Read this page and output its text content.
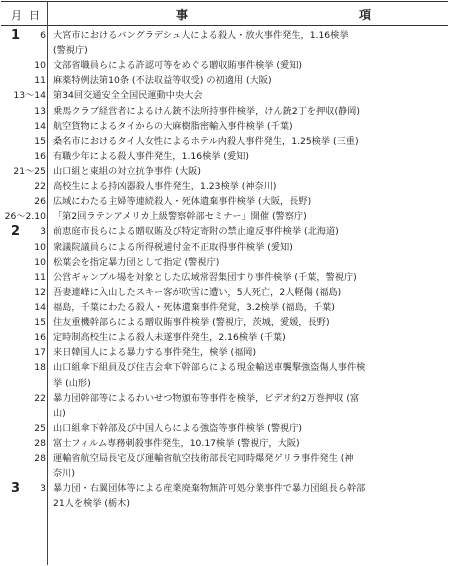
月 日	事	項
1 6 大宮市におけるバングラデシュ人による殺人・放火事件発生，1.16検挙
(警視庁)
10 文部省職員らによる許認可等をめぐる贈収賄事件検挙 (愛知)
11 麻薬特例法第10条 (不法収益等収受) の初適用 (大阪)
13～14 第34回交通安全全国民運動中央大会
13 乗馬クラブ経営者によるけん銃不法所持事件検挙，けん銃2丁を押収(静岡)
14 航空貨物によるタイからの大麻樹脂密輸入事件検挙 (千葉)
15 桑名市におけるタイ人女性によるホテル内殺人事件発生，1.25検挙 (三重)
16 有職少年による殺人事件発生，1.16検挙 (愛知)
21～25 山口組と東組の対立抗争事件 (大阪)
22 高校生による持凶器殺人事件発生，1.23検挙 (神奈川)
26 広域にわたる主婦等連続殺人・死体遺棄事件検挙 (大阪，長野)
26～2.10 「第2回ラテンアメリカ上級警察幹部セミナー」開催 (警察庁)
2 3 前恵庭市長らによる贈収賄及び特定寄附の禁止違反事件検挙 (北海道)
10 衆議院議員らによる所得税逋付金不正取得事件検挙 (愛知)
10 松葉会を指定暴力団として指定 (警視庁)
11 公営ギャンブル場を対象とした広域常習集団すり事件検挙 (千葉，警視庁)
12 吾妻連峰に入山したスキー客が吹雪に遭い，5人死亡，2人軽傷 (福島)
14 福島，千葉にわたる殺人・死体遺棄事件発覚，3.2検挙 (福島，千葉)
15 住友重機幹部らによる贈収賄事件検挙 (警視庁，茨城，愛媛，長野)
16 定時制高校生による殺人未遂事件発生，2.16検挙 (千葉)
17 来日韓国人による暴力する事件発生，検挙 (福岡)
18 山口組傘下組員及び住吉会傘下幹部らによる現金輸送車襲撃強盗傷人事件検
挙 (山形)
22 暴力団幹部等によるわいせつ物頒布等事件を検挙，ビデオ約2万巻押収 (富
山)
25 山口組傘下幹部及び中国人らによる強盗等事件検挙 (警視庁)
28 富士フィルム専務刺殺事件発生，10.17検挙 (警視庁，大阪)
28 運輸省航空局長宅及び運輸省航空技術部長宅同時爆発ゲリラ事件発生 (神
奈川)
3 3 暴力団・右翼団体等による産業廃棄物無許可処分業事件で暴力団組長ら幹部
21人を検挙 (栃木)
